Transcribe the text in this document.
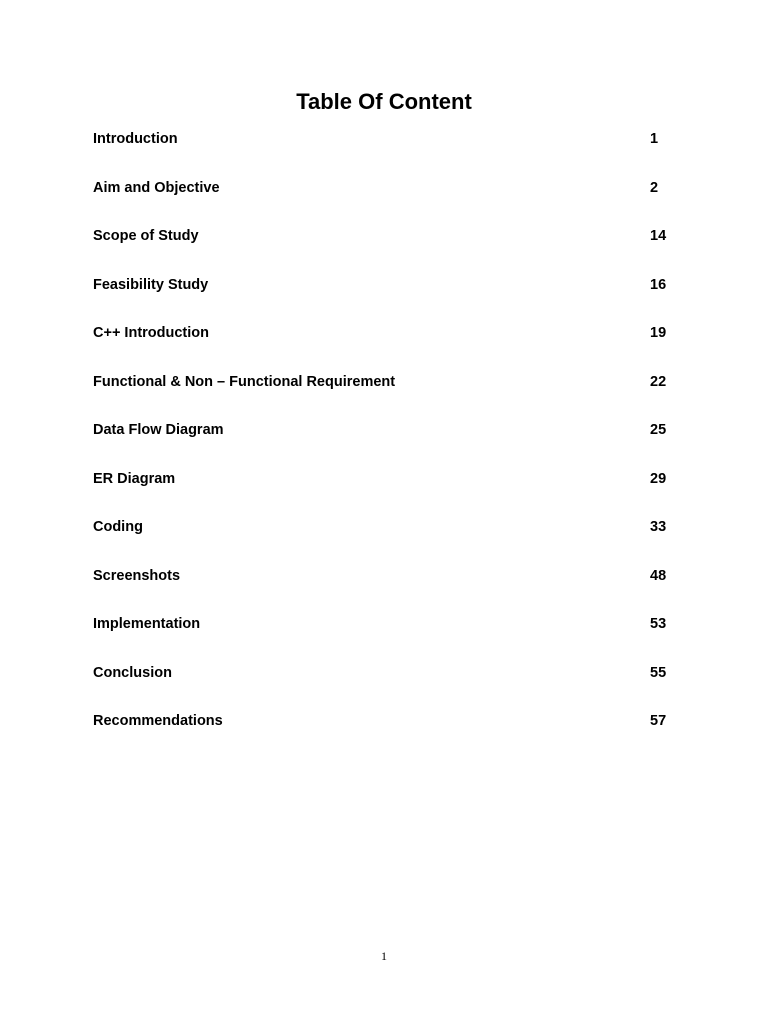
Table Of Content
Introduction	1
Aim and Objective	2
Scope of Study	14
Feasibility Study	16
C++ Introduction	19
Functional & Non – Functional Requirement	22
Data Flow Diagram	25
ER Diagram	29
Coding	33
Screenshots	48
Implementation	53
Conclusion	55
Recommendations	57
1
